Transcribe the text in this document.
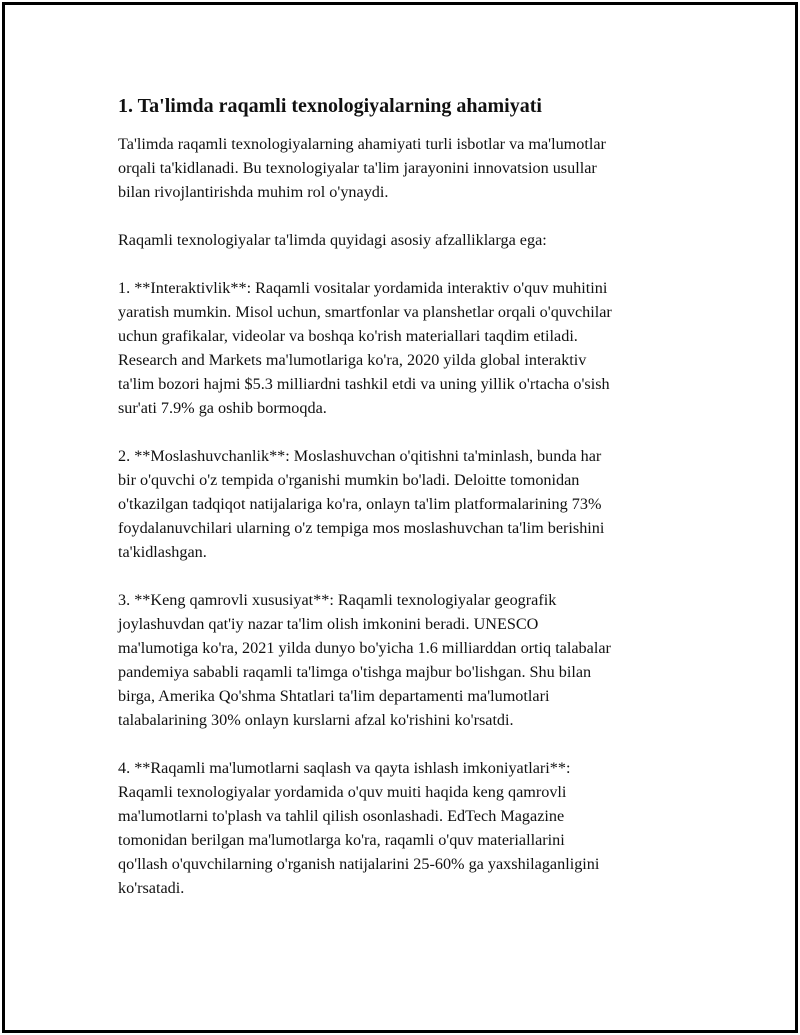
1. Ta'limda raqamli texnologiyalarning ahamiyati

Ta'limda raqamli texnologiyalarning ahamiyati turli isbotlar va ma'lumotlar
orqali ta'kidlanadi. Bu texnologiyalar ta'lim jarayonini innovatsion usullar
bilan rivojlantirishda muhim rol o'ynaydi.

Raqamli texnologiyalar ta'limda quyidagi asosiy afzalliklarga ega:

1. **Interaktivlik**: Raqamli vositalar yordamida interaktiv o'quv muhitini
yaratish mumkin. Misol uchun, smartfonlar va planshetlar orqali o'quvchilar
uchun grafikalar, videolar va boshqa ko'rish materiallari taqdim etiladi.
Research and Markets ma'lumotlariga ko'ra, 2020 yilda global interaktiv
ta'lim bozori hajmi $5.3 milliardni tashkil etdi va uning yillik o'rtacha o'sish
sur'ati 7.9% ga oshib bormoqda.

2. **Moslashuvchanlik**: Moslashuvchan o'qitishni ta'minlash, bunda har
bir o'quvchi o'z tempida o'rganishi mumkin bo'ladi. Deloitte tomonidan
o'tkazilgan tadqiqot natijalariga ko'ra, onlayn ta'lim platformalarining 73%
foydalanuvchilari ularning o'z tempiga mos moslashuvchan ta'lim berishini
ta'kidlashgan.

3. **Keng qamrovli xususiyat**: Raqamli texnologiyalar geografik
joylashuvdan qat'iy nazar ta'lim olish imkonini beradi. UNESCO
ma'lumotiga ko'ra, 2021 yilda dunyo bo'yicha 1.6 milliarddan ortiq talabalar
pandemiya sababli raqamli ta'limga o'tishga majbur bo'lishgan. Shu bilan
birga, Amerika Qo'shma Shtatlari ta'lim departamenti ma'lumotlari
talabalarining 30% onlayn kurslarni afzal ko'rishini ko'rsatdi.

4. **Raqamli ma'lumotlarni saqlash va qayta ishlash imkoniyatlari**:
Raqamli texnologiyalar yordamida o'quv muiti haqida keng qamrovli
ma'lumotlarni to'plash va tahlil qilish osonlashadi. EdTech Magazine
tomonidan berilgan ma'lumotlarga ko'ra, raqamli o'quv materiallarini
qo'llash o'quvchilarning o'rganish natijalarini 25-60% ga yaxshilaganligini
ko'rsatadi.
